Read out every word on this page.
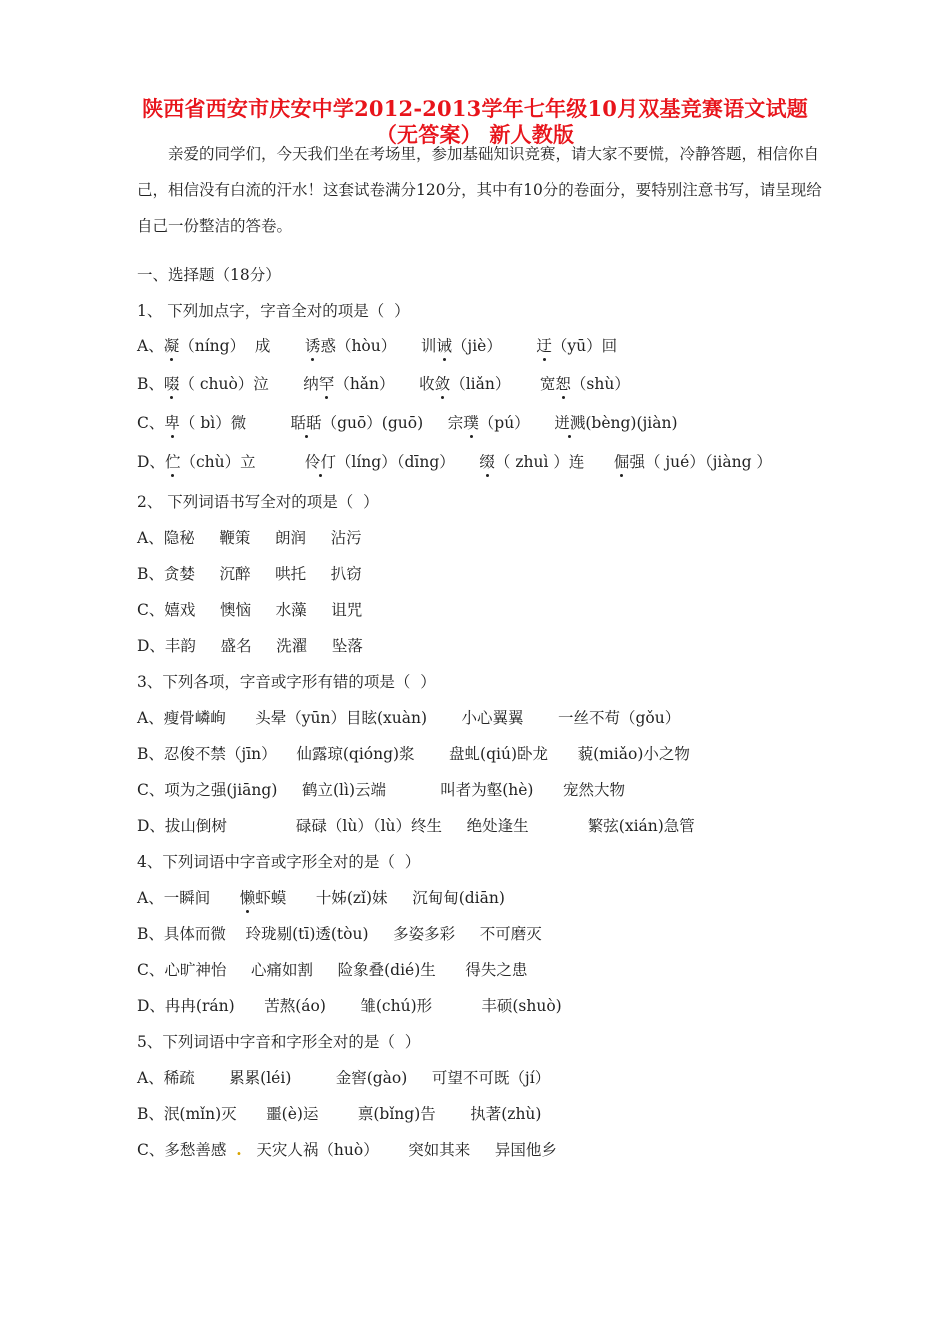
陕西省西安市庆安中学2012-2013学年七年级10月双基竞赛语文试题
（无答案） 新人教版
亲爱的同学们，今天我们坐在考场里，参加基础知识竞赛，请大家不要慌，冷静答题，相信你自己，相信没有白流的汗水！这套试卷满分120分，其中有10分的卷面分，要特别注意书写，请呈现给自己一份整洁的答卷。
一、选择题（18分）
1、 下列加点字，字音全对的项是（  ）
A、凝（níng）  成       诱惑（hòu）     训诫（jiè）       迂（yū）回
B、啜（ chuò）泣       纳罕（hǎn）     收敛（liǎn）      宽恕（shù）
C、卑（ bì）微         聒聒（guō）(guō)     宗璞（pú）     迸溅(bèng)(jiàn)
D、伫（chù）立          伶仃（líng）（dīng）     缀（ zhuì ）连      倔强（ jué）（jiàng ）
2、 下列词语书写全对的项是（  ）
A、隐秘     鞭策     朗润     沾污
B、贪婪     沉醉     哄托     扒窃
C、嬉戏     懊恼     水藻     诅咒
D、丰韵     盛名     洗濯     坠落
3、下列各项，字音或字形有错的项是（  ）
A、瘦骨嶙峋      头晕（yūn）目眩(xuàn)       小心翼翼       一丝不苟（gǒu）
B、忍俊不禁（jīn）    仙露琼(qióng)浆       盘虬(qiú)卧龙      藐(miǎo)小之物
C、项为之强(jiāng)     鹤立(lì)云端           叫者为壑(hè)      宠然大物
D、拔山倒树              碌碌（lù）（lù）终生     绝处逢生            繁弦(xián)急管
4、下列词语中字音或字形全对的是（  ）
A、一瞬间      懒虾蟆      十姊(zǐ)妹     沉甸甸(diān)
B、具体而微    玲珑剔(tī)透(tòu)     多姿多彩     不可磨灭
C、心旷神怡     心痛如割     险象叠(dié)生      得失之患
D、冉冉(rán)      苦熬(áo)       雏(chú)形          丰硕(shuò)
5、下列词语中字音和字形全对的是（  ）
A、稀疏       累累(léi)         金窖(gào)     可望不可既（jí）
B、泯(mǐn)灭      噩(è)运        禀(bǐng)告       执著(zhù)
C、多愁善感  .   天灾人祸（huò）      突如其来     异国他乡
